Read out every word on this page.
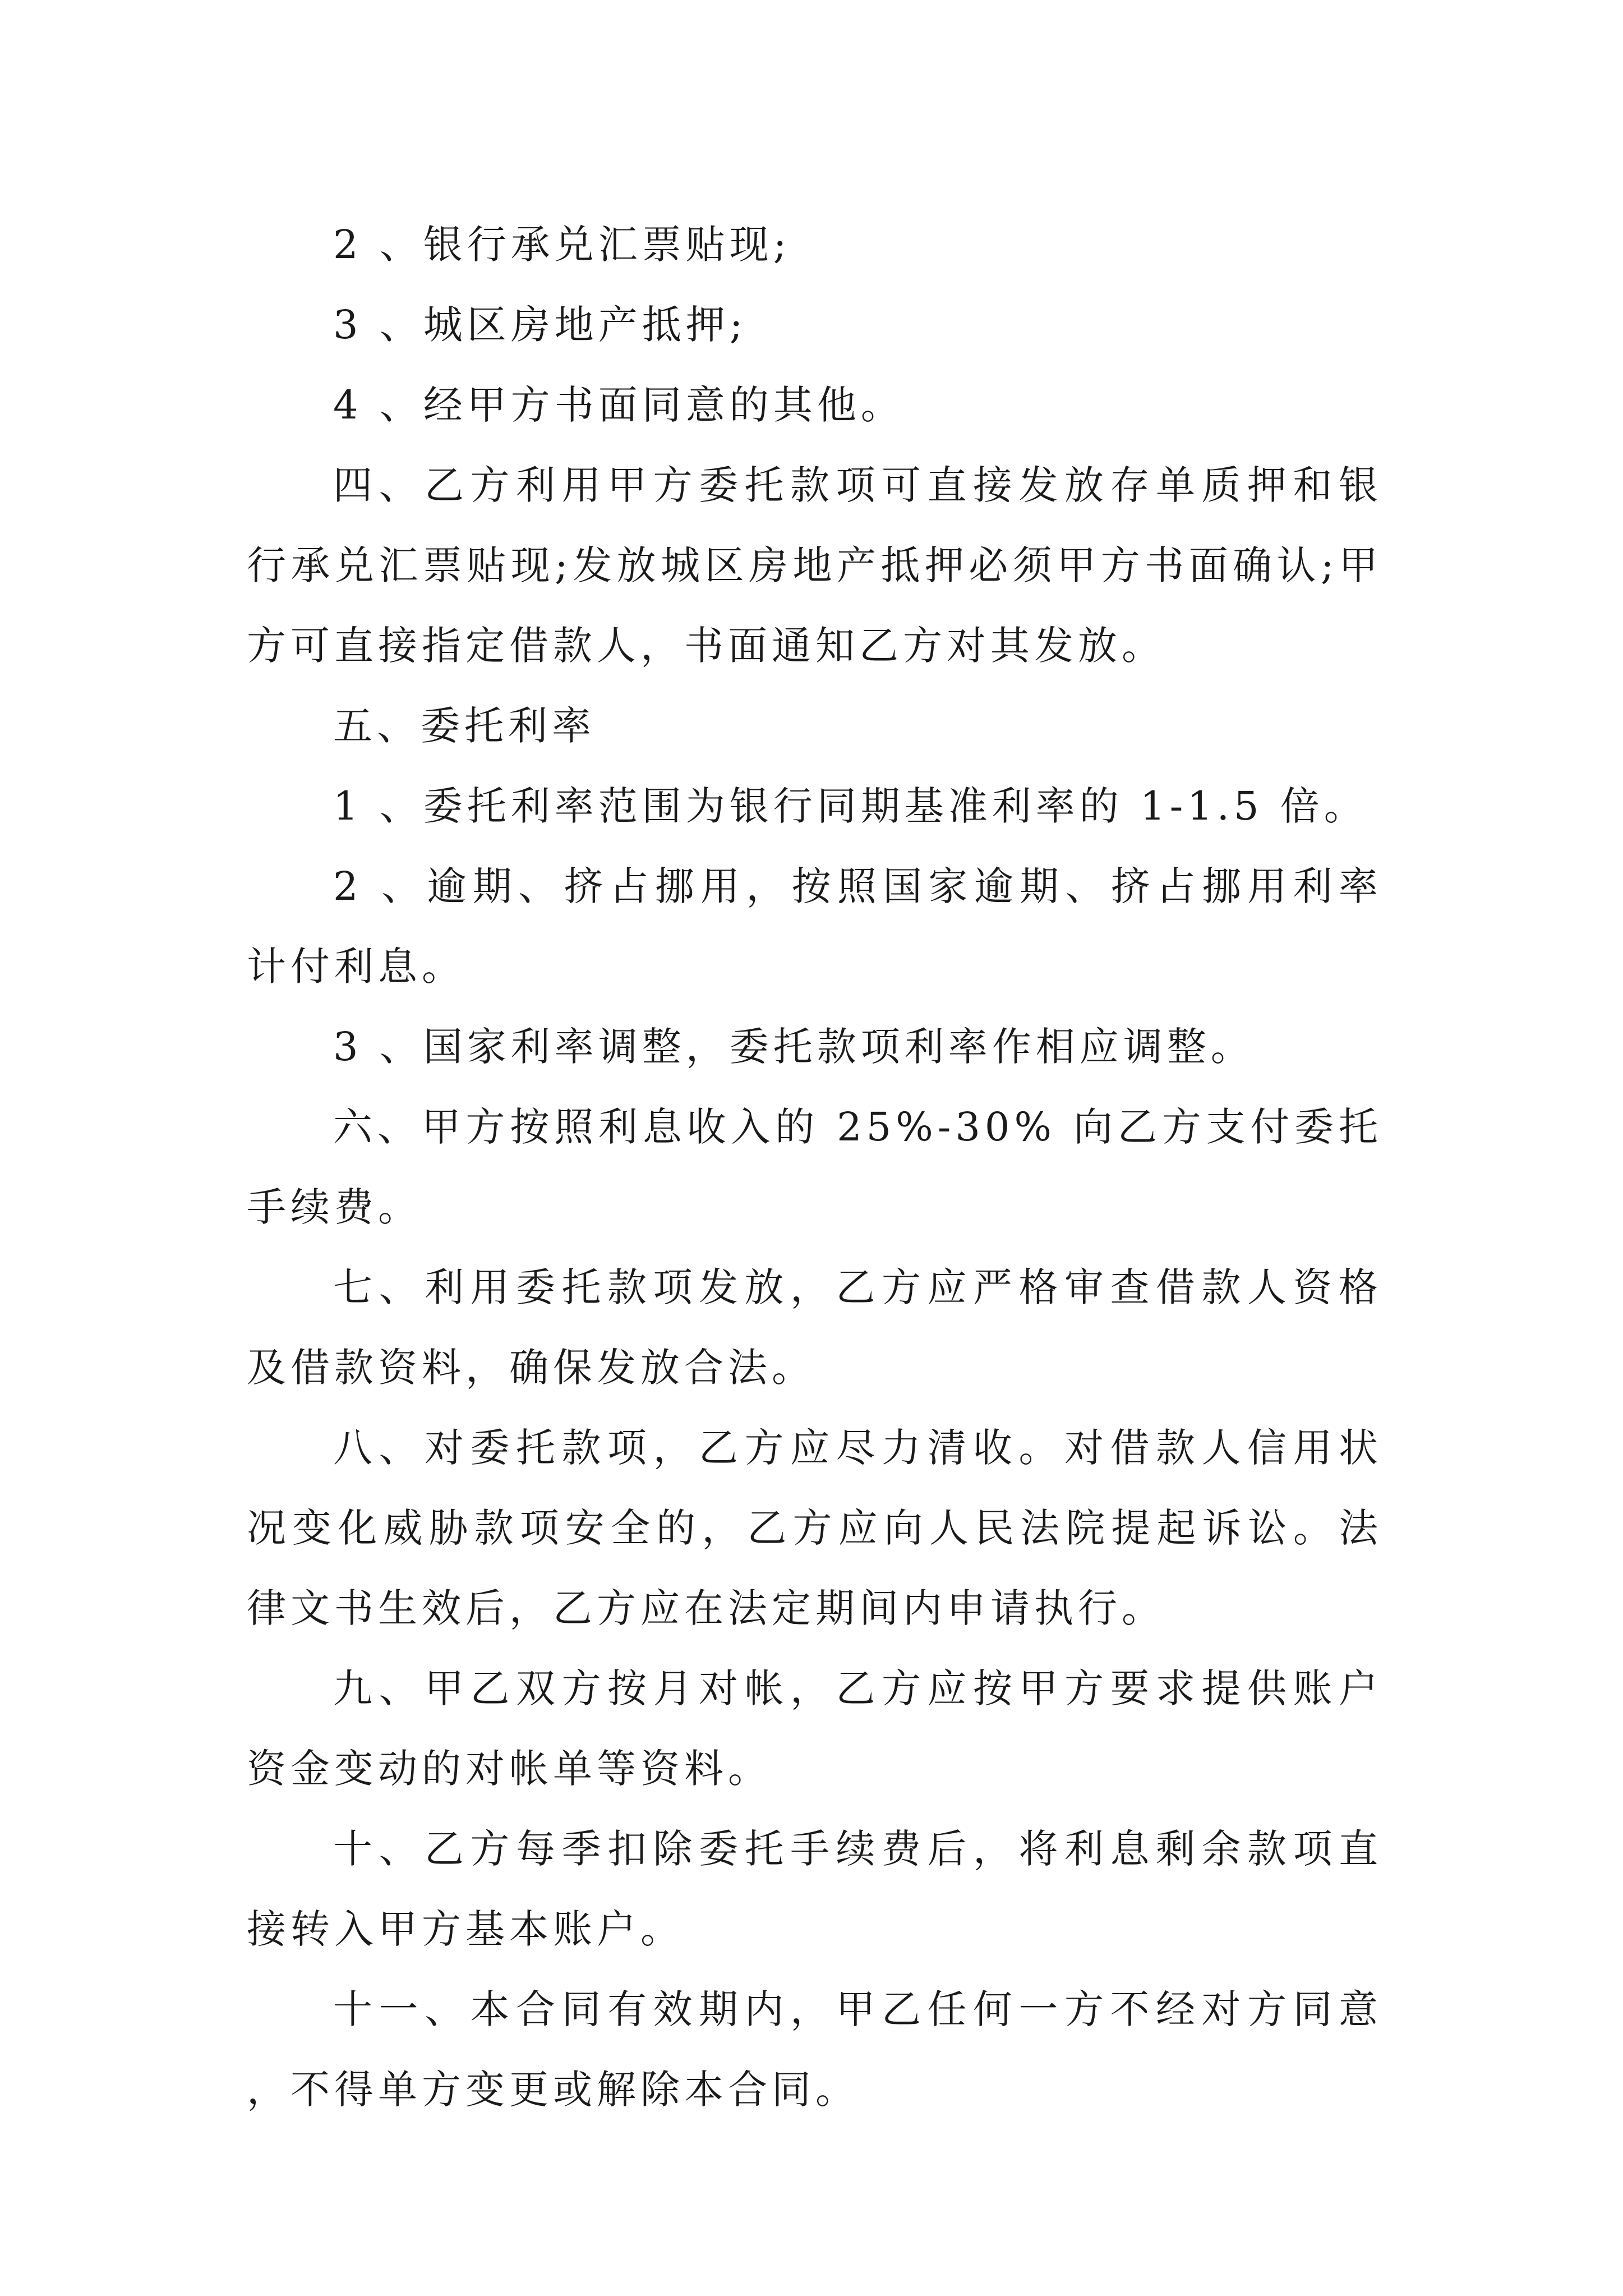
2 、银行承兑汇票贴现;

3 、城区房地产抵押;

4 、经甲方书面同意的其他。

四、乙方利用甲方委托款项可直接发放存单质押和银行承兑汇票贴现;发放城区房地产抵押必须甲方书面确认;甲方可直接指定借款人，书面通知乙方对其发放。

五、委托利率

1 、委托利率范围为银行同期基准利率的 1-1.5 倍。

2 、逾期、挤占挪用，按照国家逾期、挤占挪用利率计付利息。

3 、国家利率调整，委托款项利率作相应调整。

六、甲方按照利息收入的 25%-30% 向乙方支付委托手续费。

七、利用委托款项发放，乙方应严格审查借款人资格及借款资料，确保发放合法。

八、对委托款项，乙方应尽力清收。对借款人信用状况变化威胁款项安全的，乙方应向人民法院提起诉讼。法律文书生效后，乙方应在法定期间内申请执行。

九、甲乙双方按月对帐，乙方应按甲方要求提供账户资金变动的对帐单等资料。

十、乙方每季扣除委托手续费后，将利息剩余款项直接转入甲方基本账户。

十一、本合同有效期内，甲乙任何一方不经对方同意，不得单方变更或解除本合同。
